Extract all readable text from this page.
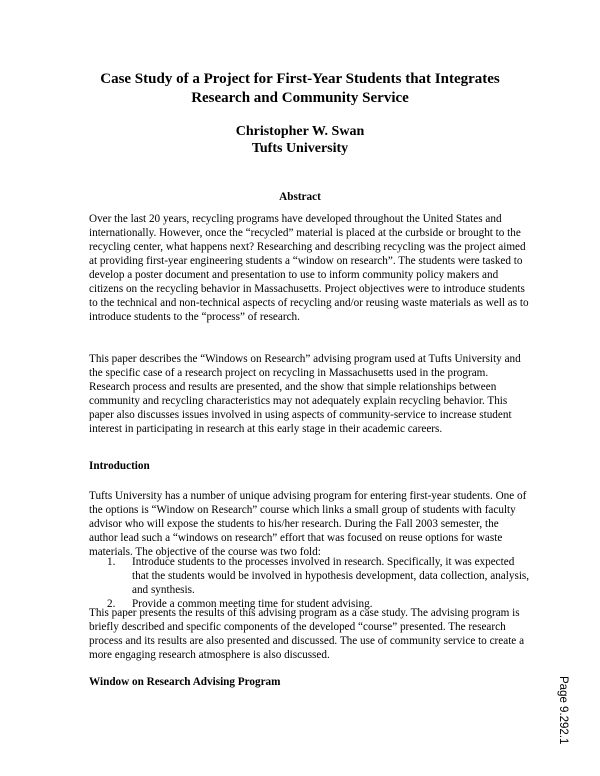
Case Study of a Project for First-Year Students that Integrates
Research and Community Service
Christopher W. Swan
Tufts University
Abstract

Over the last 20 years, recycling programs have developed throughout the United States and internationally. However, once the “recycled” material is placed at the curbside or brought to the recycling center, what happens next? Researching and describing recycling was the project aimed at providing first-year engineering students a “window on research”. The students were tasked to develop a poster document and presentation to use to inform community policy makers and citizens on the recycling behavior in Massachusetts. Project objectives were to introduce students to the technical and non-technical aspects of recycling and/or reusing waste materials as well as to introduce students to the “process” of research.

This paper describes the “Windows on Research” advising program used at Tufts University and the specific case of a research project on recycling in Massachusetts used in the program. Research process and results are presented, and the show that simple relationships between community and recycling characteristics may not adequately explain recycling behavior. This paper also discusses issues involved in using aspects of community-service to increase student interest in participating in research at this early stage in their academic careers.

Introduction

Tufts University has a number of unique advising program for entering first-year students. One of the options is “Window on Research” course which links a small group of students with faculty advisor who will expose the students to his/her research. During the Fall 2003 semester, the author lead such a “windows on research” effort that was focused on reuse options for waste materials. The objective of the course was two fold:

1.	Introduce students to the processes involved in research. Specifically, it was expected that the students would be involved in hypothesis development, data collection, analysis, and synthesis.
2.	Provide a common meeting time for student advising.

This paper presents the results of this advising program as a case study. The advising program is briefly described and specific components of the developed “course” presented. The research process and its results are also presented and discussed. The use of community service to create a more engaging research atmosphere is also discussed.

Window on Research Advising Program	Page 9.292.1
